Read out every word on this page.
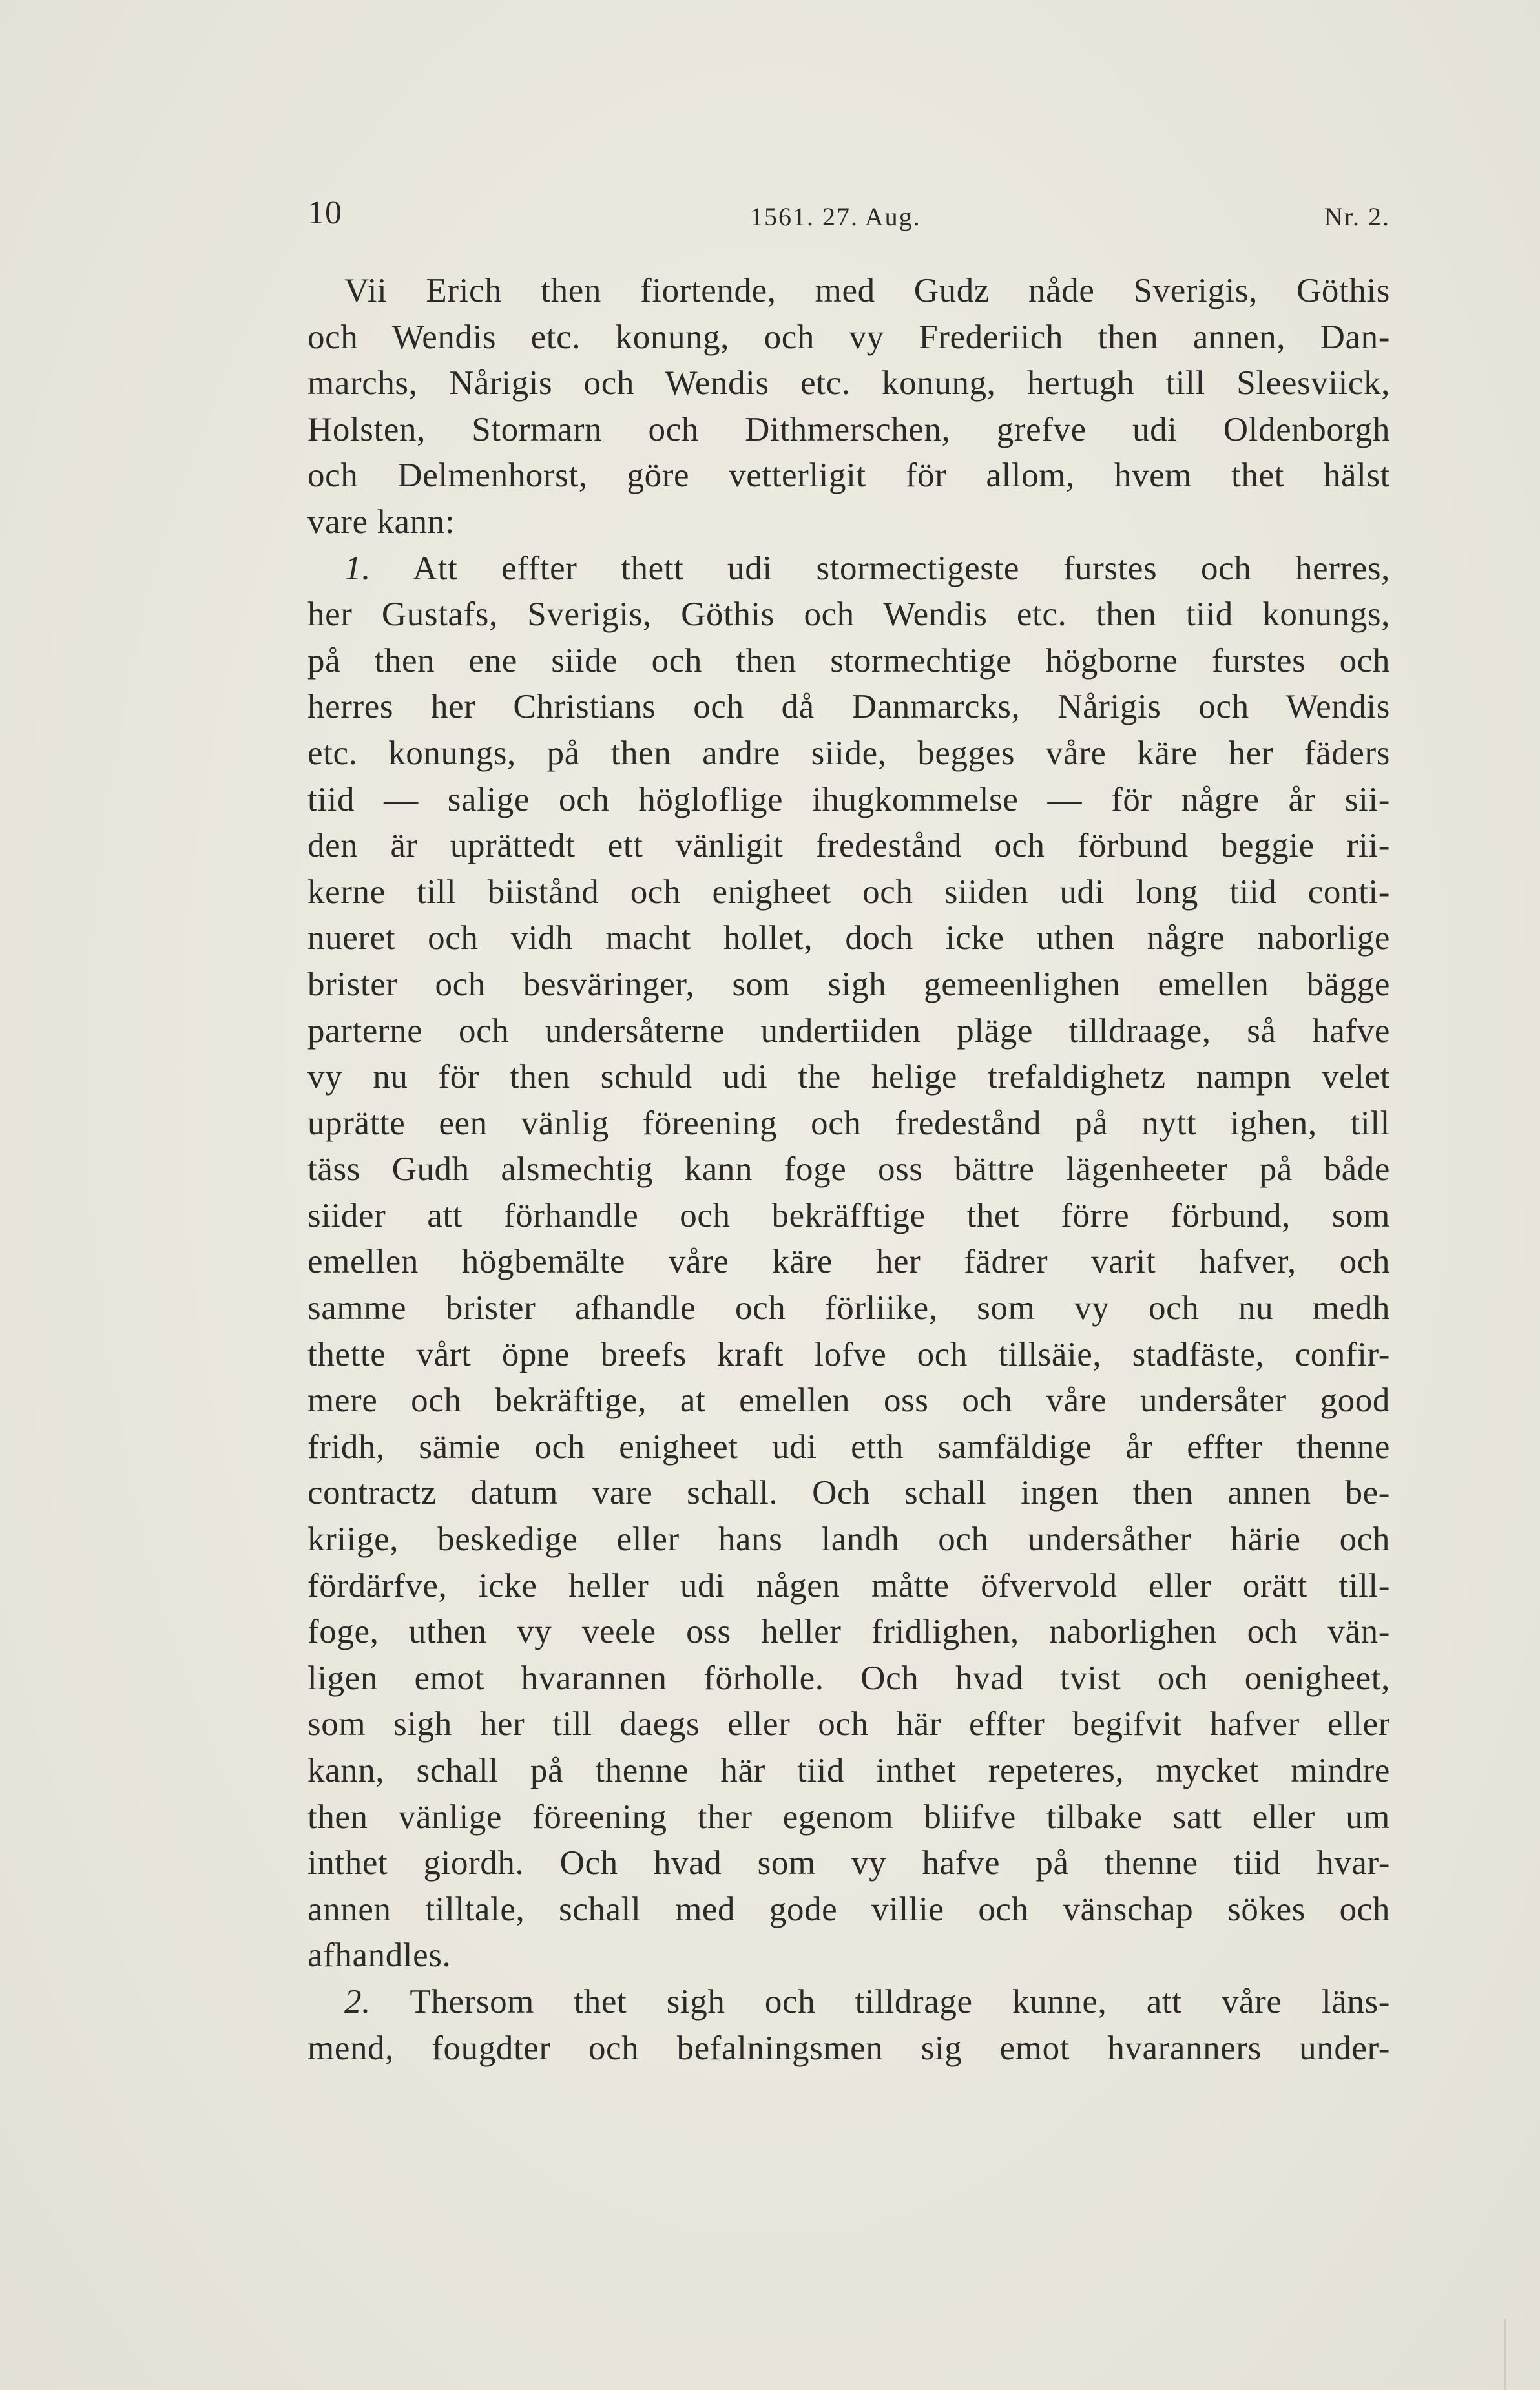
10	1561. 27. Aug.	Nr. 2.
Vii Erich then fiortende, med Gudz nåde Sverigis, Göthis
och Wendis etc. konung, och vy Frederiich then annen, Dan-
marchs, Nårigis och Wendis etc. konung, hertugh till Sleesviick,
Holsten, Stormarn och Dithmerschen, grefve udi Oldenborgh
och Delmenhorst, göre vetterligit för allom, hvem thet hälst
vare kann:
1. Att effter thett udi stormectigeste furstes och herres,
her Gustafs, Sverigis, Göthis och Wendis etc. then tiid konungs,
på then ene siide och then stormechtige högborne furstes och
herres her Christians och då Danmarcks, Nårigis och Wendis
etc. konungs, på then andre siide, begges våre käre her fäders
tiid — salige och högloflige ihugkommelse — för någre år sii-
den är uprättedt ett vänligit fredestånd och förbund beggie rii-
kerne till biistånd och enigheet och siiden udi long tiid conti-
nueret och vidh macht hollet, doch icke uthen någre naborlige
brister och besväringer, som sigh gemeenlighen emellen bägge
parterne och undersåterne undertiiden pläge tilldraage, så hafve
vy nu för then schuld udi the helige trefaldighetz nampn velet
uprätte een vänlig föreening och fredestånd på nytt ighen, till
täss Gudh alsmechtig kann foge oss bättre lägenheeter på både
siider att förhandle och bekräfftige thet förre förbund, som
emellen högbemälte våre käre her fädrer varit hafver, och
samme brister afhandle och förliike, som vy och nu medh
thette vårt öpne breefs kraft lofve och tillsäie, stadfäste, confir-
mere och bekräftige, at emellen oss och våre undersåter good
fridh, sämie och enigheet udi etth samfäldige år effter thenne
contractz datum vare schall. Och schall ingen then annen be-
kriige, beskedige eller hans landh och undersåther härie och
fördärfve, icke heller udi någen måtte öfvervold eller orätt till-
foge, uthen vy veele oss heller fridlighen, naborlighen och vän-
ligen emot hvarannen förholle. Och hvad tvist och oenigheet,
som sigh her till daegs eller och här effter begifvit hafver eller
kann, schall på thenne här tiid inthet repeteres, mycket mindre
then vänlige föreening ther egenom bliifve tilbake satt eller um
inthet giordh. Och hvad som vy hafve på thenne tiid hvar-
annen tilltale, schall med gode villie och vänschap sökes och
afhandles.
2. Thersom thet sigh och tilldrage kunne, att våre läns-
mend, fougdter och befalningsmen sig emot hvaranners under-
